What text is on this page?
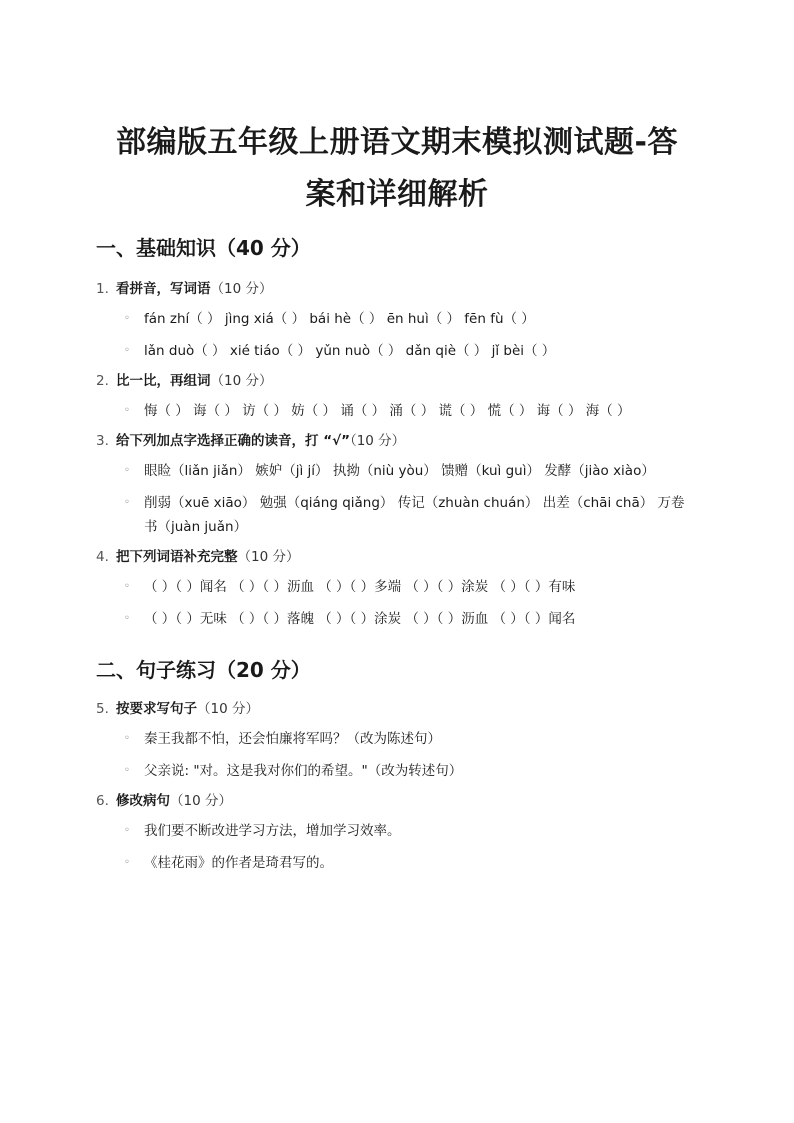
部编版五年级上册语文期末模拟测试题-答
案和详细解析
一、基础知识（40 分）
1. 看拼音，写词语（10 分）
◦ fán zhí（ ） jìng xiá（ ） bái hè（ ） ēn huì（ ） fēn fù（ ）
◦ lǎn duò（ ） xié tiáo（ ） yǔn nuò（ ） dǎn qiè（ ） jǐ bèi（ ）
2. 比一比，再组词（10 分）
◦ 悔（ ） 诲（ ） 访（ ） 妨（ ） 诵（ ） 涌（ ） 谎（ ） 慌（ ） 诲（ ） 海（ ）
3. 给下列加点字选择正确的读音，打 “√”（10 分）
◦ 眼睑（liǎn jiǎn） 嫉妒（jì jí） 执拗（niù yòu） 馈赠（kuì guì） 发酵（jiào xiào）
◦ 削弱（xuē xiāo） 勉强（qiáng qiǎng） 传记（zhuàn chuán） 出差（chāi chā） 万卷书（juàn juǎn）
4. 把下列词语补充完整（10 分）
◦ （ ）（ ）闻名 （ ）（ ）沥血 （ ）（ ）多端 （ ）（ ）涂炭 （ ）（ ）有味
◦ （ ）（ ）无味 （ ）（ ）落魄 （ ）（ ）涂炭 （ ）（ ）沥血 （ ）（ ）闻名
二、句子练习（20 分）
5. 按要求写句子（10 分）
◦ 秦王我都不怕，还会怕廉将军吗？（改为陈述句）
◦ 父亲说: "对。这是我对你们的希望。"（改为转述句）
6. 修改病句（10 分）
◦ 我们要不断改进学习方法，增加学习效率。
◦ 《桂花雨》的作者是琦君写的。
